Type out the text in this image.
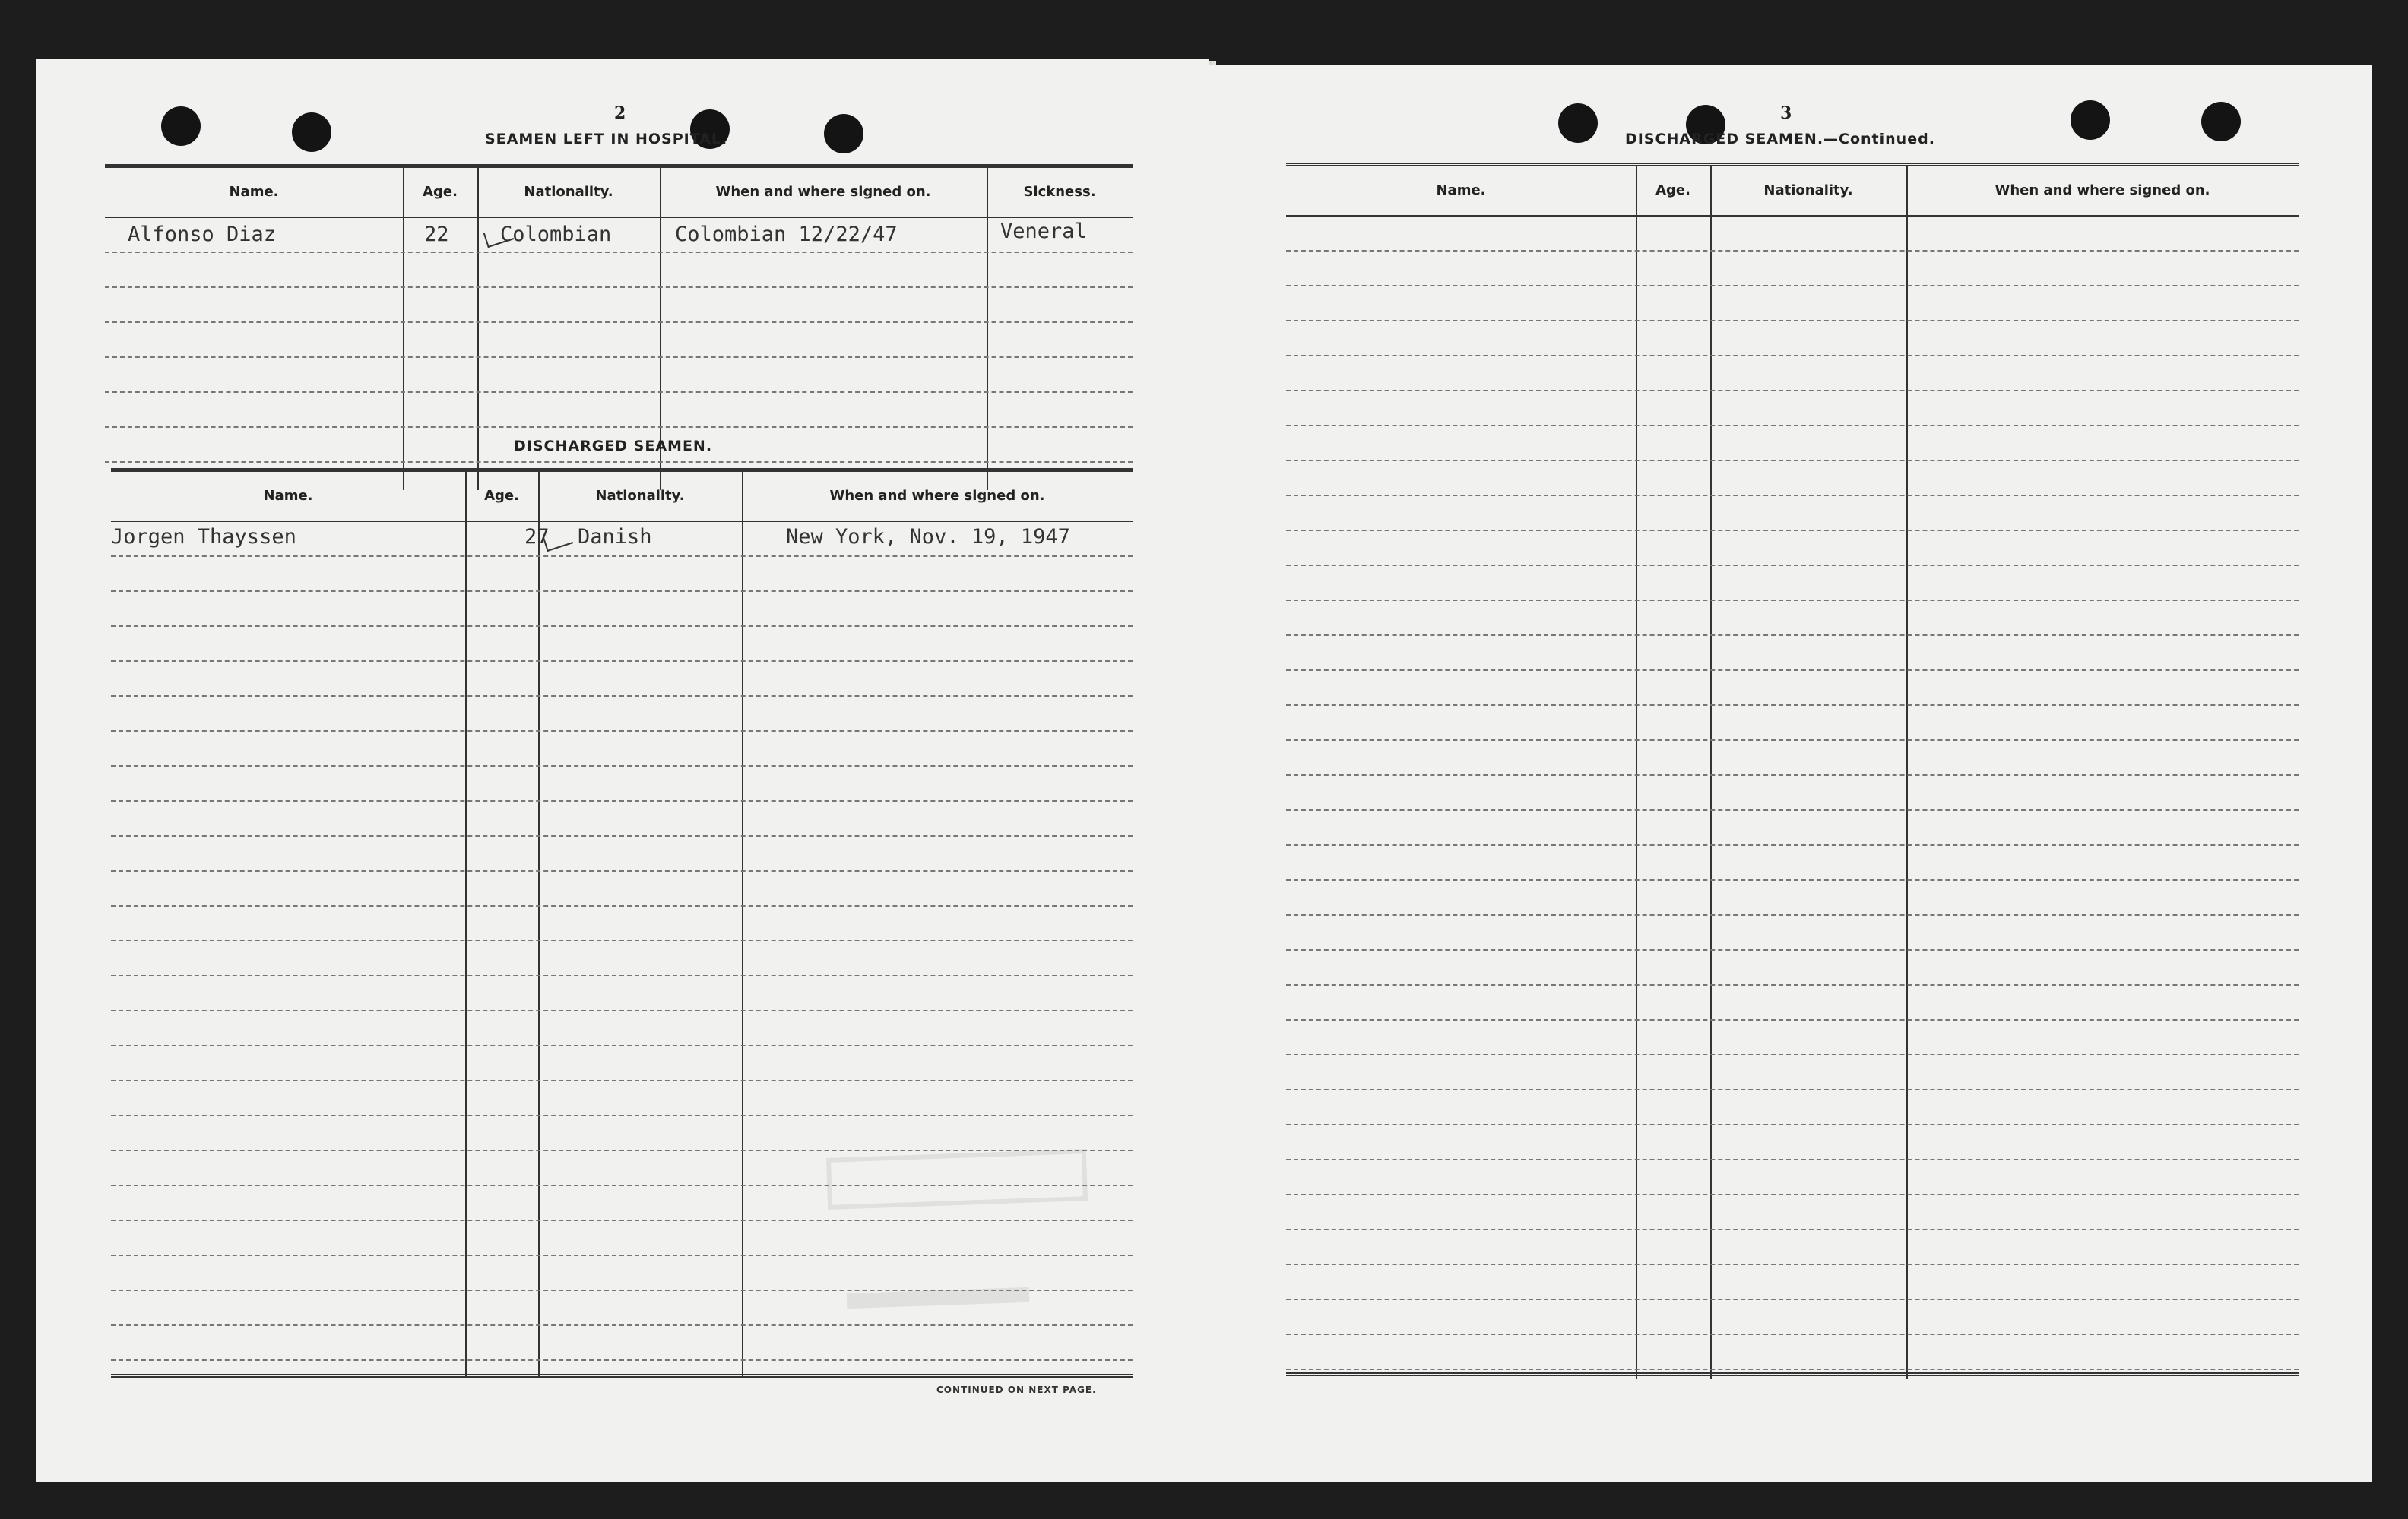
2
SEAMEN LEFT IN HOSPITAL.
Name.	Age.	Nationality.	When and where signed on.	Sickness.
Alfonso Diaz	22 Colombian	Colombian 12/22/47	Veneral
DISCHARGED SEAMEN.
Name.	Age.	Nationality.	When and where signed on.
Jorgen Thayssen	27 Danish	New York, Nov. 19, 1947
CONTINUED ON NEXT PAGE.
3
DISCHARGED SEAMEN.—Continued.
Name.	Age.	Nationality.	When and where signed on.
